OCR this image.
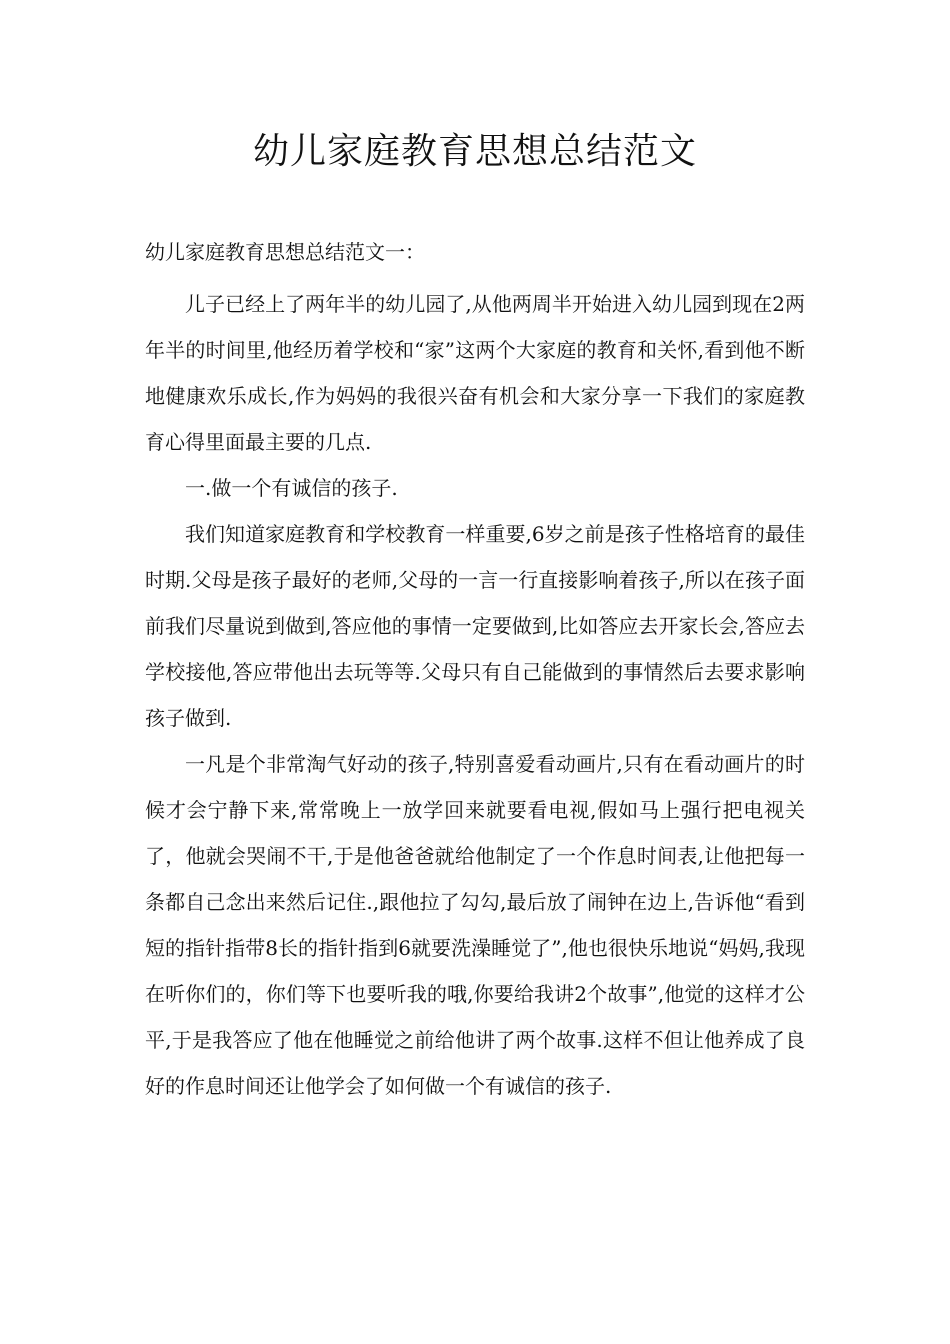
幼儿家庭教育思想总结范文
幼儿家庭教育思想总结范文一：

儿子已经上了两年半的幼儿园了,从他两周半开始进入幼儿园到现在2两年半的时间里,他经历着学校和“家”这两个大家庭的教育和关怀,看到他不断地健康欢乐成长,作为妈妈的我很兴奋有机会和大家分享一下我们的家庭教育心得里面最主要的几点.

一.做一个有诚信的孩子.

我们知道家庭教育和学校教育一样重要,6岁之前是孩子性格培育的最佳时期.父母是孩子最好的老师,父母的一言一行直接影响着孩子,所以在孩子面前我们尽量说到做到,答应他的事情一定要做到,比如答应去开家长会,答应去学校接他,答应带他出去玩等等.父母只有自己能做到的事情然后去要求影响孩子做到.

一凡是个非常淘气好动的孩子,特别喜爱看动画片,只有在看动画片的时候才会宁静下来,常常晚上一放学回来就要看电视,假如马上强行把电视关了，他就会哭闹不干,于是他爸爸就给他制定了一个作息时间表,让他把每一条都自己念出来然后记住.,跟他拉了勾勾,最后放了闹钟在边上,告诉他“看到短的指针指带8长的指针指到6就要洗澡睡觉了”,他也很快乐地说“妈妈,我现在听你们的，你们等下也要听我的哦,你要给我讲2个故事”,他觉的这样才公平,于是我答应了他在他睡觉之前给他讲了两个故事.这样不但让他养成了良好的作息时间还让他学会了如何做一个有诚信的孩子.
